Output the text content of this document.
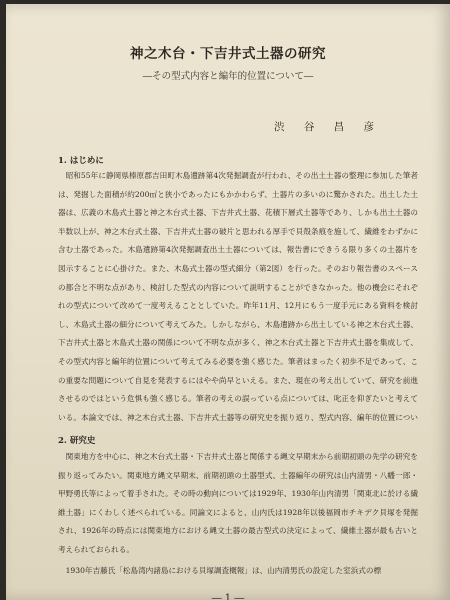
神之木台・下吉井式土器の研究
―その型式内容と編年的位置について―
渋 谷 昌 彦
1. はじめに

昭和55年に静岡県榛原郡吉田町木島遺跡第4次発掘調査が行われ、その出土土器の整理に参加した筆者は、発掘した面積が約200㎡と狭小であったにもかかわらず、土器片の多いのに驚かされた。出土した土器は、広義の木島式土器と神之木台式土器、下吉井式土器、花積下層式土器等であり、しかも出土土器の半数以上が、神之木台式土器、下吉井式土器の破片と思われる厚手で貝殻条痕を施して、繊維をわずかに含む土器であった。木島遺跡第4次発掘調査出土土器については、報告書にできうる限り多くの土器片を図示することに心掛けた。また、木島式土器の型式細分（第2図）を行った。そのおり報告書のスペースの都合と不明な点があり、検討した型式の内容について説明することができなかった。他の機会にそれぞれの型式について改めて一度考えることとしていた。昨年11月、12月にもう一度手元にある資料を検討し、木島式土器の細分について考えてみた。しかしながら、木島遺跡から出土している神之木台式土器、下吉井式土器と木島式土器の関係について不明な点が多く、神之木台式土器と下吉井式土器を集成して、その型式内容と編年的位置について考えてみる必要を強く感じた。筆者はまったく初歩不足であって、この重要な問題について自見を発表するにはやや尚早といえる。また、現在の考え出していて、研究を前進させるのではという危惧も強く感じる。筆者の考えの誤っている点については、叱正を仰ぎたいと考えている。本論文では、神之木台式土器、下吉井式土器等の研究史を振り返り、型式内容、編年的位置につい

2. 研究史

関東地方を中心に、神之木台式土器・下吉井式土器と関係する縄文早期末から前期初頭の先学の研究を振り返ってみたい。関東地方縄文早期末、前期初頭の土器型式、土器編年の研究は山内清男・八幡一郎・甲野勇氏等によって着手された。その時の動向については1929年、1930年山内清男「関東北に於ける繊維土器」にくわしく述べられている。同論文によると、山内氏は1928年以後福岡市チキデク貝塚を発掘され、1926年の時点には関東地方における縄文土器の最古型式の決定によって、繊維土器が最も古いと考えられておられる。

1930年吉藤氏「松島湾内諸島における貝塚調査概報」は、山内清男氏の設定した室浜式の標

― 1 ―
